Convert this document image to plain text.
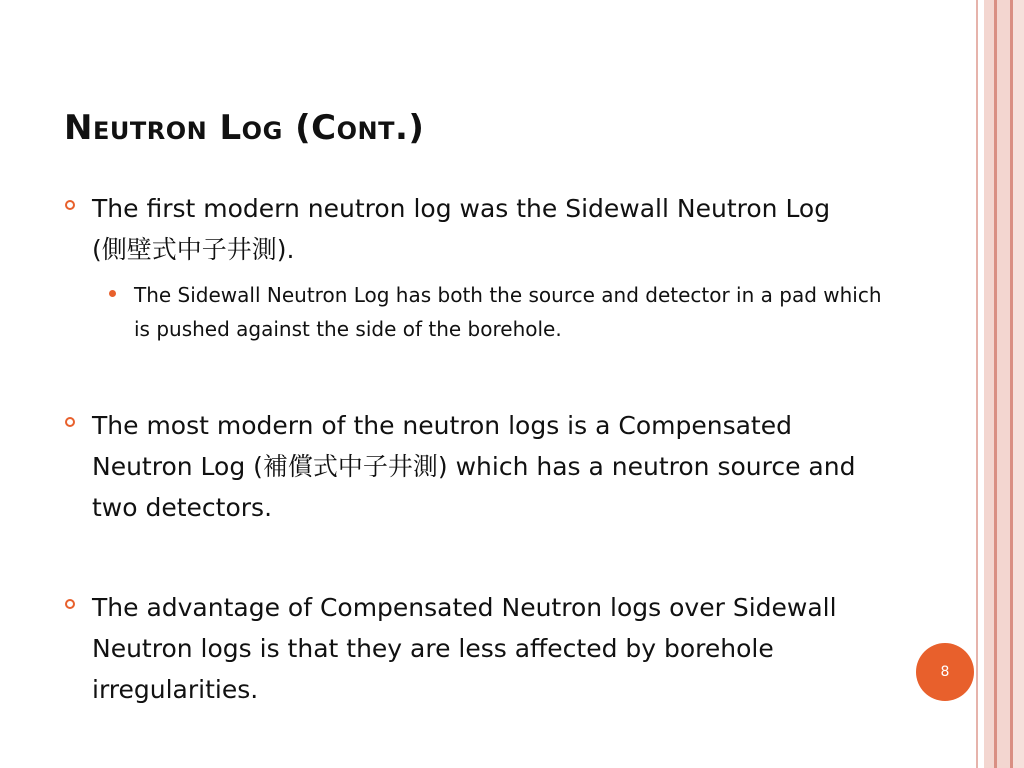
Neutron Log (Cont.)
The first modern neutron log was the Sidewall Neutron Log (側壁式中子井測).
The Sidewall Neutron Log has both the source and detector in a pad which is pushed against the side of the borehole.
The most modern of the neutron logs is a Compensated Neutron Log (補償式中子井測) which has a neutron source and two detectors.
The advantage of Compensated Neutron logs over Sidewall Neutron logs is that they are less affected by borehole irregularities.
8
